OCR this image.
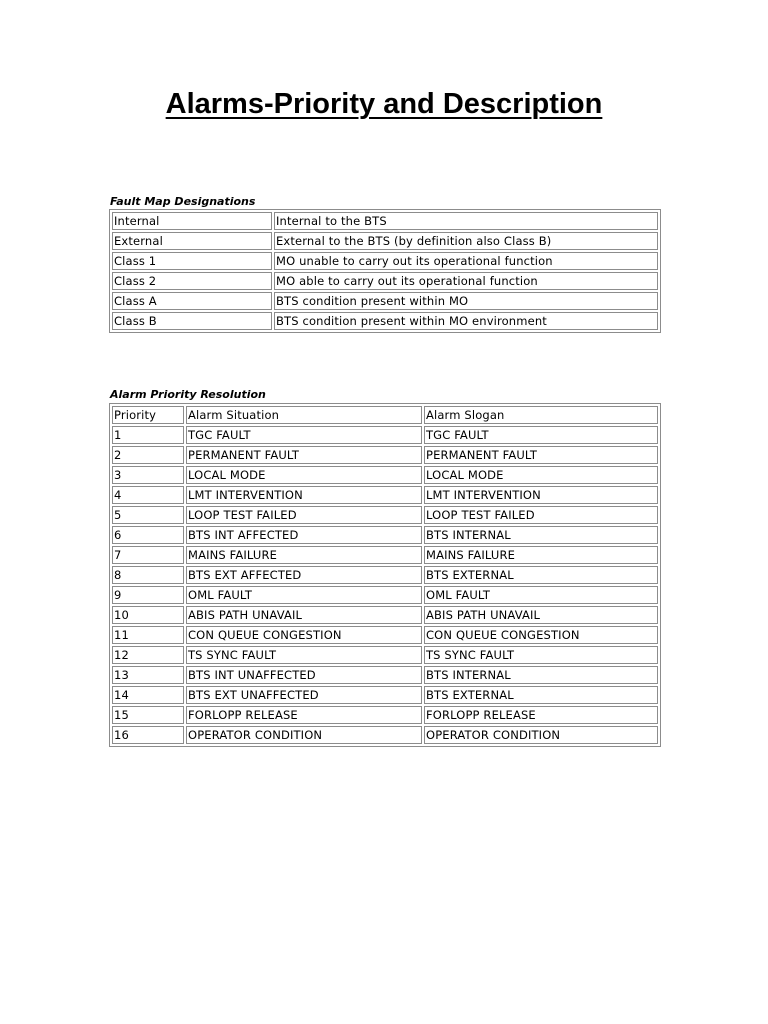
Alarms-Priority and Description
Fault Map Designations
Internal	Internal to the BTS
External	External to the BTS (by definition also Class B)
Class 1	MO unable to carry out its operational function
Class 2	MO able to carry out its operational function
Class A	BTS condition present within MO
Class B	BTS condition present within MO environment
Alarm Priority Resolution
Priority	Alarm Situation	Alarm Slogan
1	TGC FAULT	TGC FAULT
2	PERMANENT FAULT	PERMANENT FAULT
3	LOCAL MODE	LOCAL MODE
4	LMT INTERVENTION	LMT INTERVENTION
5	LOOP TEST FAILED	LOOP TEST FAILED
6	BTS INT AFFECTED	BTS INTERNAL
7	MAINS FAILURE	MAINS FAILURE
8	BTS EXT AFFECTED	BTS EXTERNAL
9	OML FAULT	OML FAULT
10	ABIS PATH UNAVAIL	ABIS PATH UNAVAIL
11	CON QUEUE CONGESTION	CON QUEUE CONGESTION
12	TS SYNC FAULT	TS SYNC FAULT
13	BTS INT UNAFFECTED	BTS INTERNAL
14	BTS EXT UNAFFECTED	BTS EXTERNAL
15	FORLOPP RELEASE	FORLOPP RELEASE
16	OPERATOR CONDITION	OPERATOR CONDITION
